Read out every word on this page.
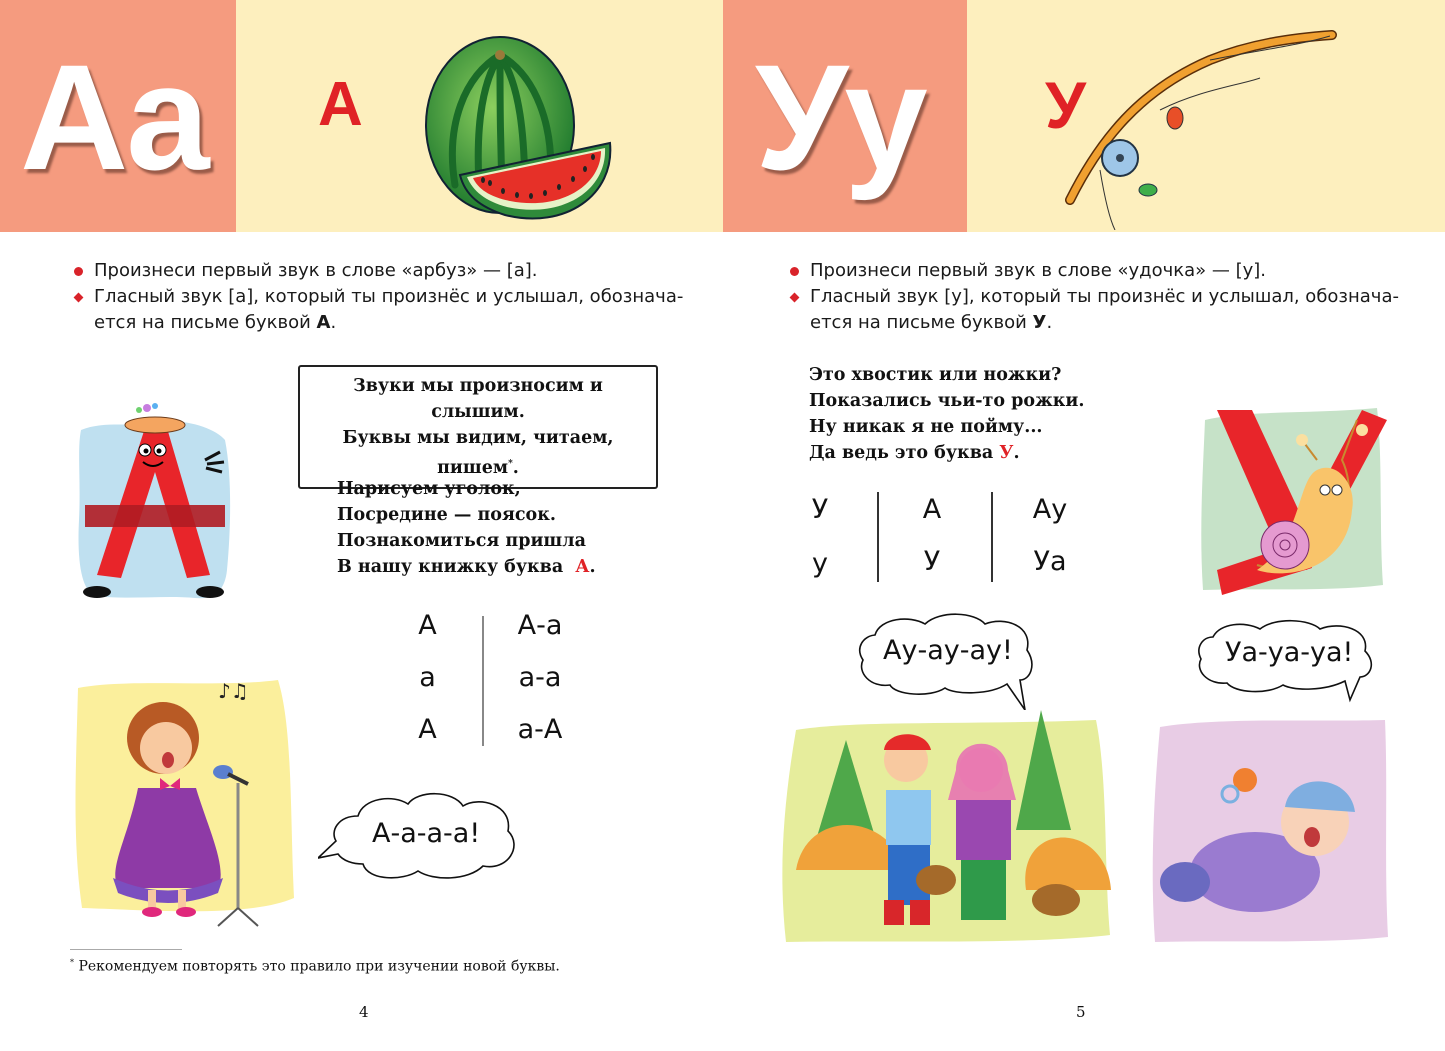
Аа А
Произнеси первый звук в слове «арбуз» — [а].
Гласный звук [а], который ты произнёс и услышал, обознача-
ется на письме буквой А.
Звуки мы произносим и слышим.
Буквы мы видим, читаем, пишем*.
Нарисуем уголок,
Посредине — поясок.
Познакомиться пришла
В нашу книжку буква А.
А
а
А
А-а
а-а
а-А
♪♫
А-а-а-а!
* Рекомендуем повторять это правило при изучении новой буквы.
4
Уу У
Произнеси первый звук в слове «удочка» — [у].
Гласный звук [у], который ты произнёс и услышал, обознача-
ется на письме буквой У.
Это хвостик или ножки?
Показались чьи-то рожки.
Ну никак я не пойму...
Да ведь это буква У.
У
у
А
У
Ау
Уа
Ау-ау-ау!	Уа-уа-уа!
5
